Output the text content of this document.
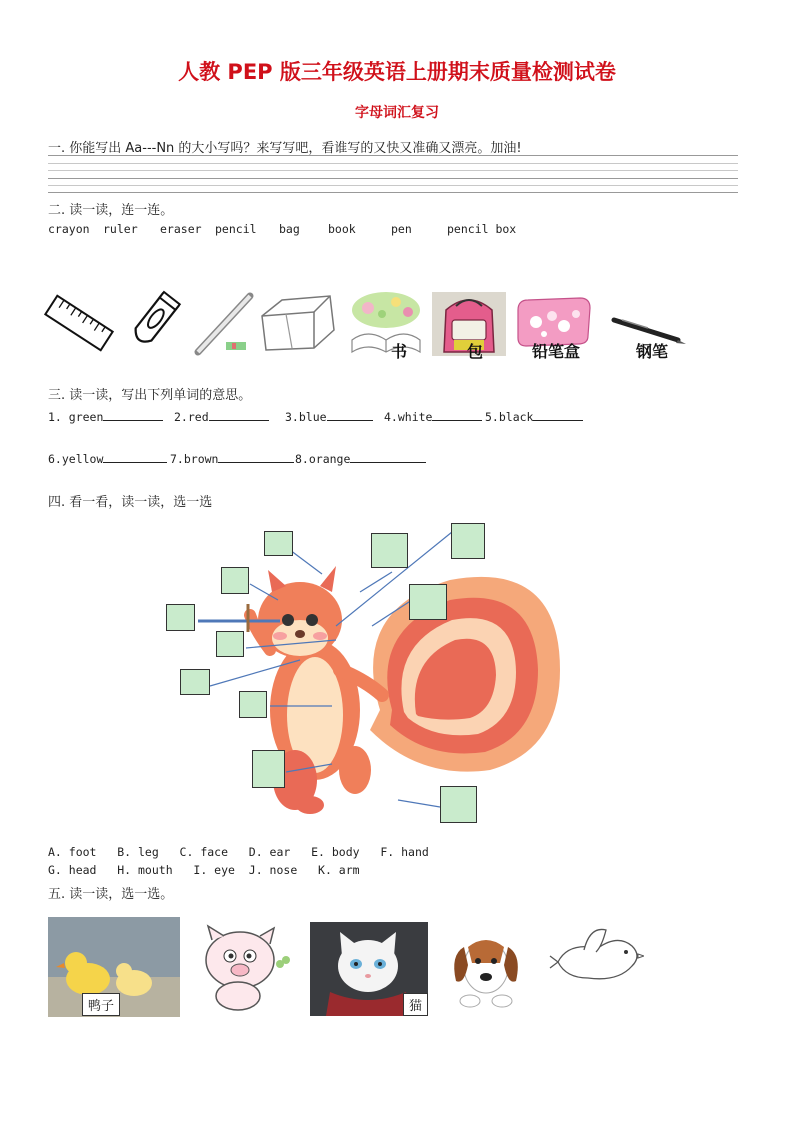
人教 PEP 版三年级英语上册期末质量检测试卷
字母词汇复习
一. 你能写出 Aa---Nn 的大小写吗？来写写吧，看谁写的又快又准确又漂亮。加油!
二. 读一读，连一连。
crayon ruler eraser pencil bag book	pen	pencil box
书	包	铅笔盒	钢笔
三. 读一读，写出下列单词的意思。
1. green	2.red	3.blue	4.white	5.black
6.yellow	7.brown	8.orange
四. 看一看，读一读，选一选
A. foot   B. leg   C. face   D. ear   E. body   F. hand
G. head   H. mouth   I. eye  J. nose   K. arm
五. 读一读，选一选。
鸭子	猫
